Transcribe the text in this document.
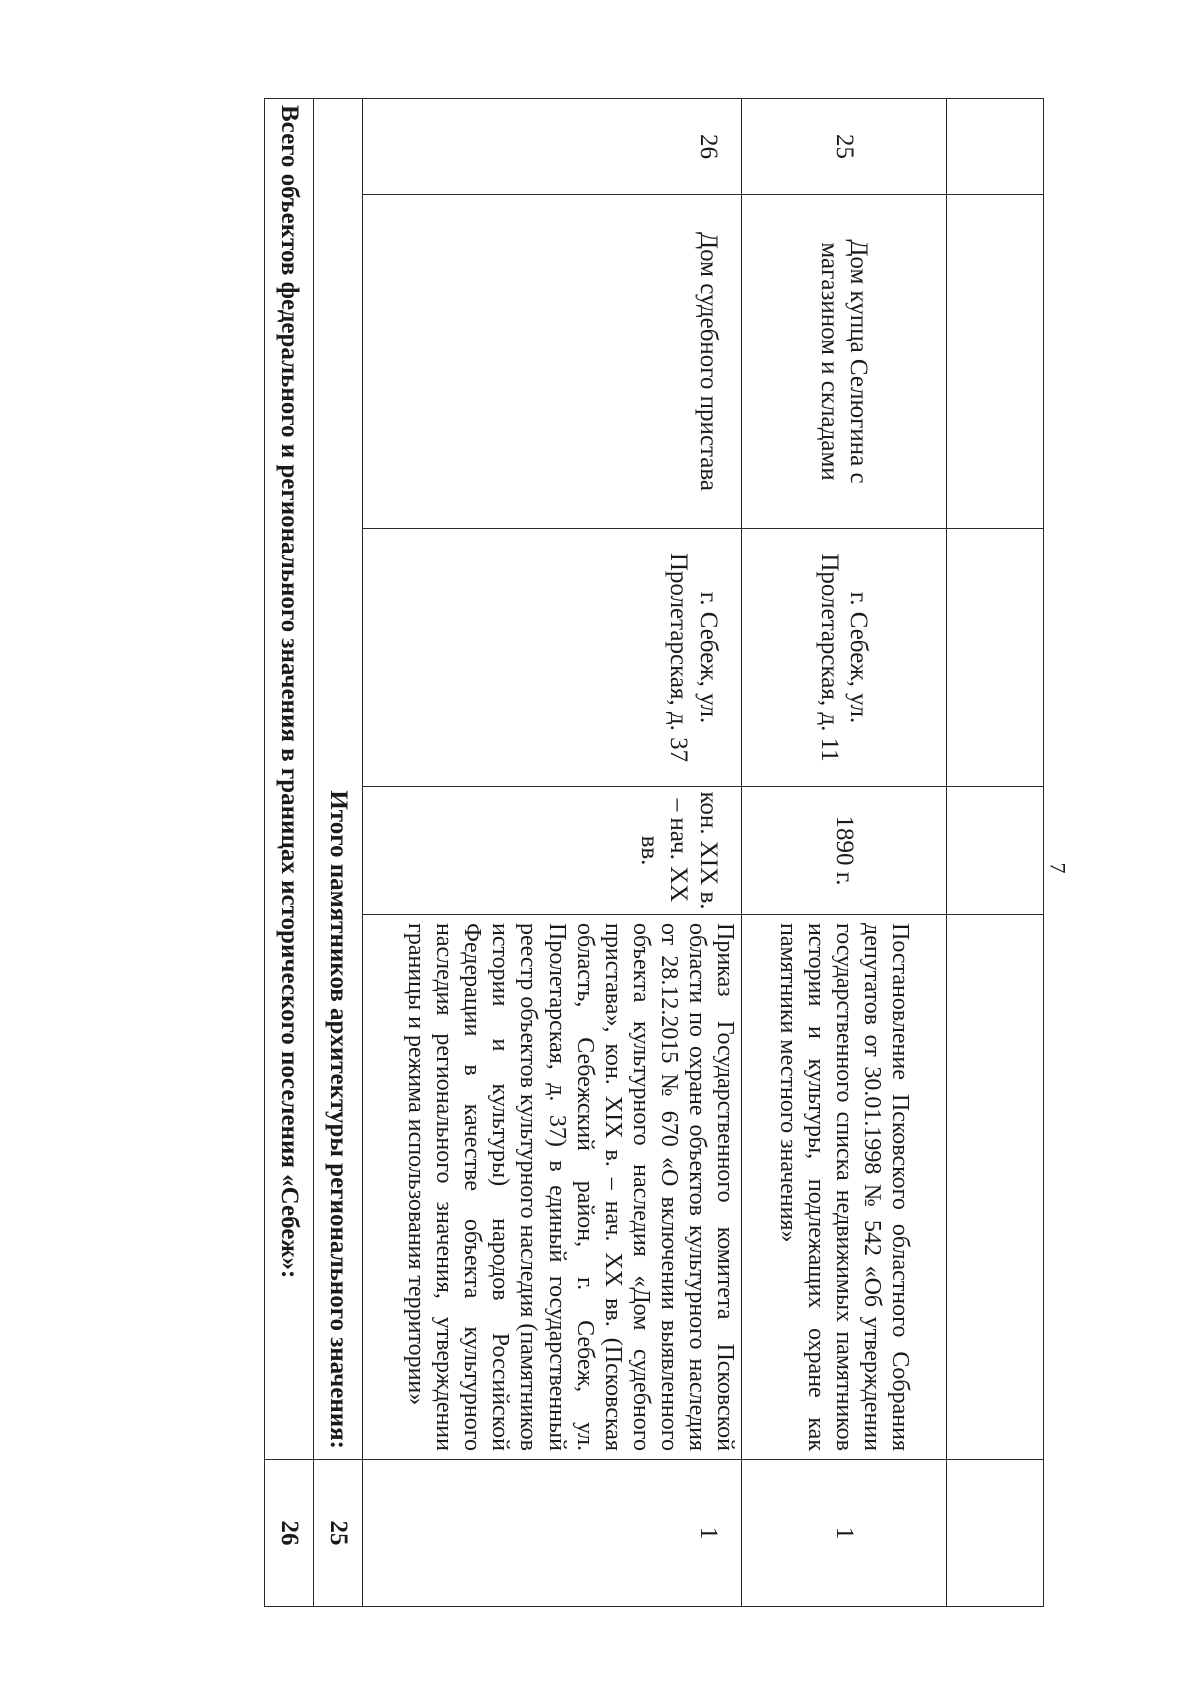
7

25	Дом купца Селюгина с магазином и складами	г. Себеж, ул. Пролетарская, д. 11	1890 г.	Постановление Псковского областного Собрания депутатов от 30.01.1998 № 542 «Об утверждении государственного списка недвижимых памятников истории и культуры, подлежащих охране как памятники местного значения»	1
26	Дом судебного пристава	г. Себеж, ул. Пролетарская, д. 37	кон. XIX в. – нач. XX вв.	Приказ Государственного комитета Псковской области по охране объектов культурного наследия от 28.12.2015 № 670 «О включении выявленного объекта культурного наследия «Дом судебного пристава», кон. XIX в. – нач. XX вв. (Псковская область, Себежский район, г. Себеж, ул. Пролетарская, д. 37) в единый государственный реестр объектов культурного наследия (памятников истории и культуры) народов Российской Федерации в качестве объекта культурного наследия регионального значения, утверждении границы и режима использования территории»	1
Итого памятников архитектуры регионального значения:					25
Всего объектов федерального и регионального значения в границах исторического поселения «Себеж»:					26
